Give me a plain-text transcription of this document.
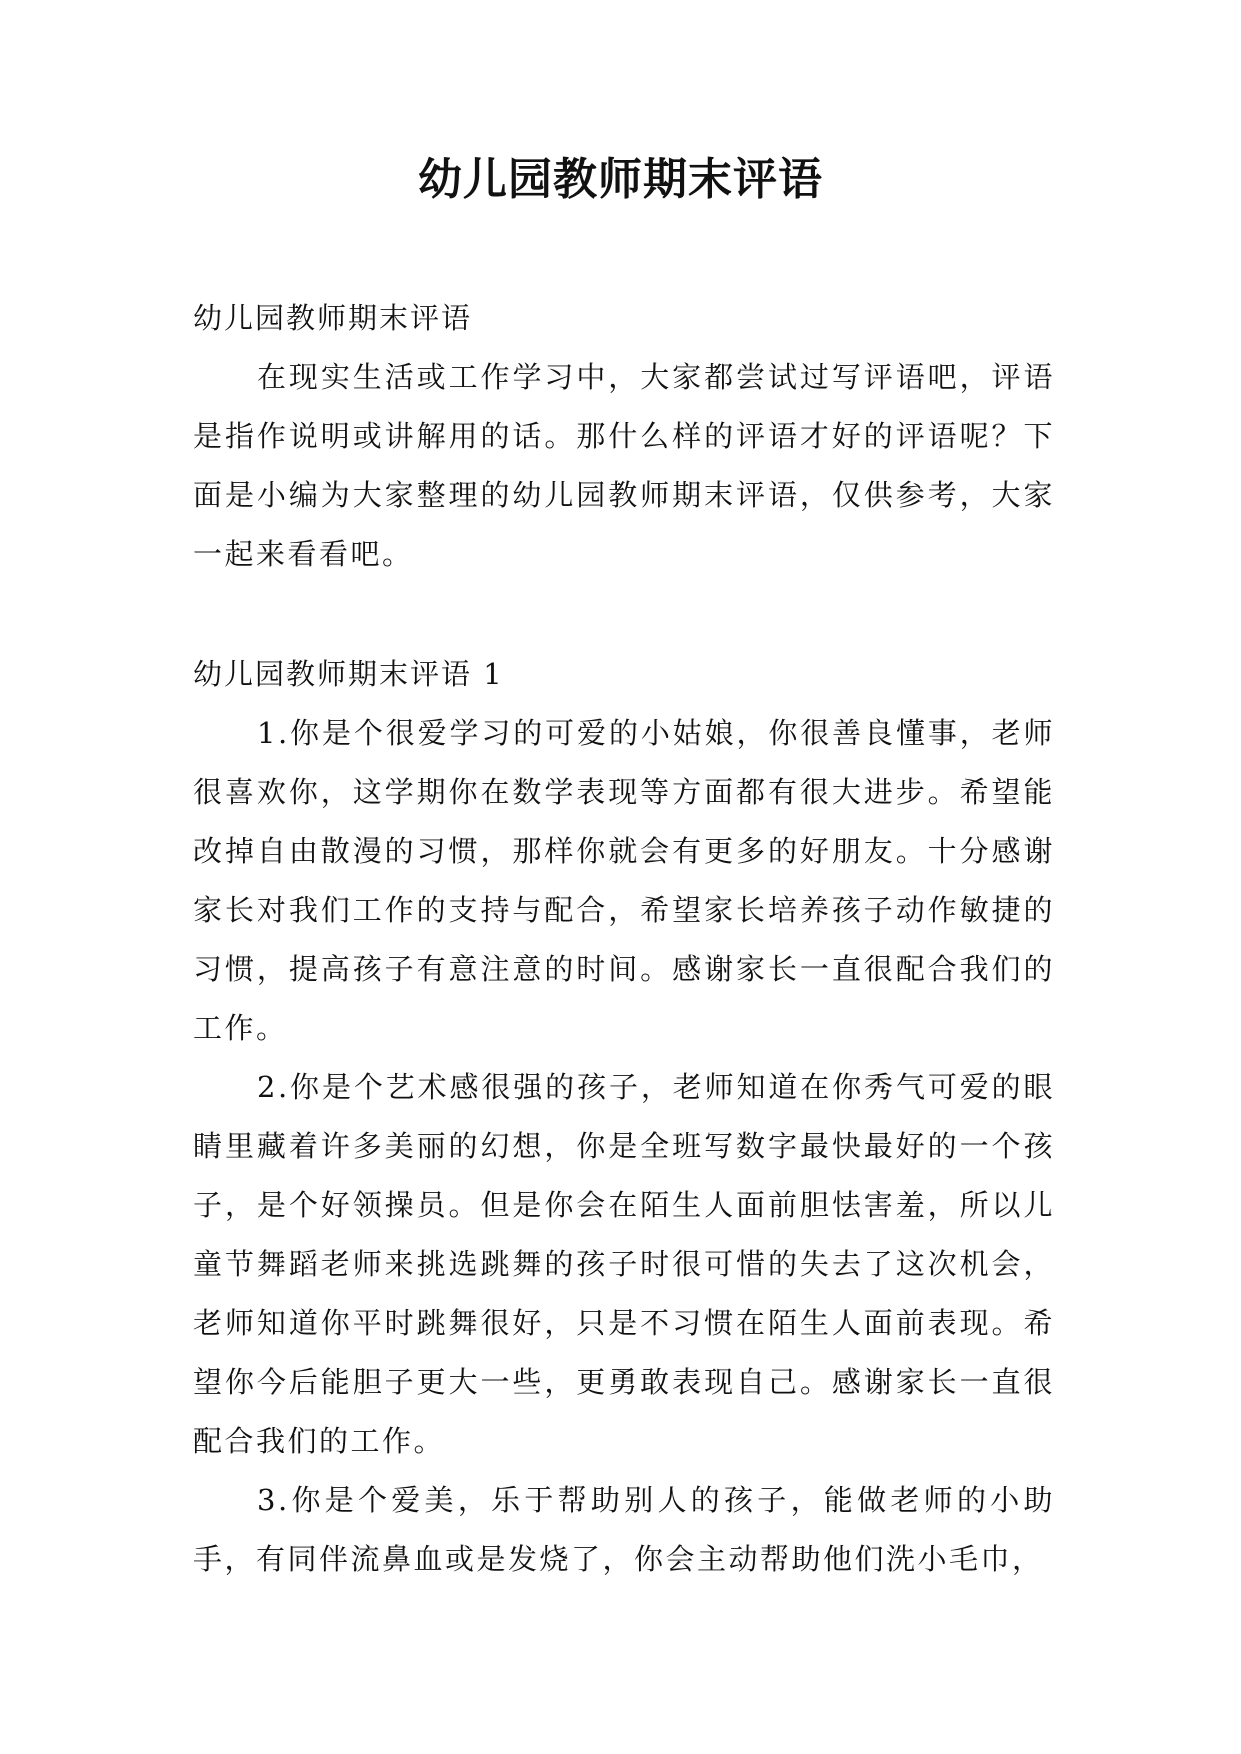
幼儿园教师期末评语

幼儿园教师期末评语

在现实生活或工作学习中，大家都尝试过写评语吧，评语是指作说明或讲解用的话。那什么样的评语才好的评语呢？下面是小编为大家整理的幼儿园教师期末评语，仅供参考，大家一起来看看吧。

幼儿园教师期末评语 1

1.你是个很爱学习的可爱的小姑娘，你很善良懂事，老师很喜欢你，这学期你在数学表现等方面都有很大进步。希望能改掉自由散漫的习惯，那样你就会有更多的好朋友。十分感谢家长对我们工作的支持与配合，希望家长培养孩子动作敏捷的习惯，提高孩子有意注意的时间。感谢家长一直很配合我们的工作。

2.你是个艺术感很强的孩子，老师知道在你秀气可爱的眼睛里藏着许多美丽的幻想，你是全班写数字最快最好的一个孩子，是个好领操员。但是你会在陌生人面前胆怯害羞，所以儿童节舞蹈老师来挑选跳舞的孩子时很可惜的失去了这次机会，老师知道你平时跳舞很好，只是不习惯在陌生人面前表现。希望你今后能胆子更大一些，更勇敢表现自己。感谢家长一直很配合我们的工作。

3.你是个爱美，乐于帮助别人的孩子，能做老师的小助手，有同伴流鼻血或是发烧了，你会主动帮助他们洗小毛巾，
